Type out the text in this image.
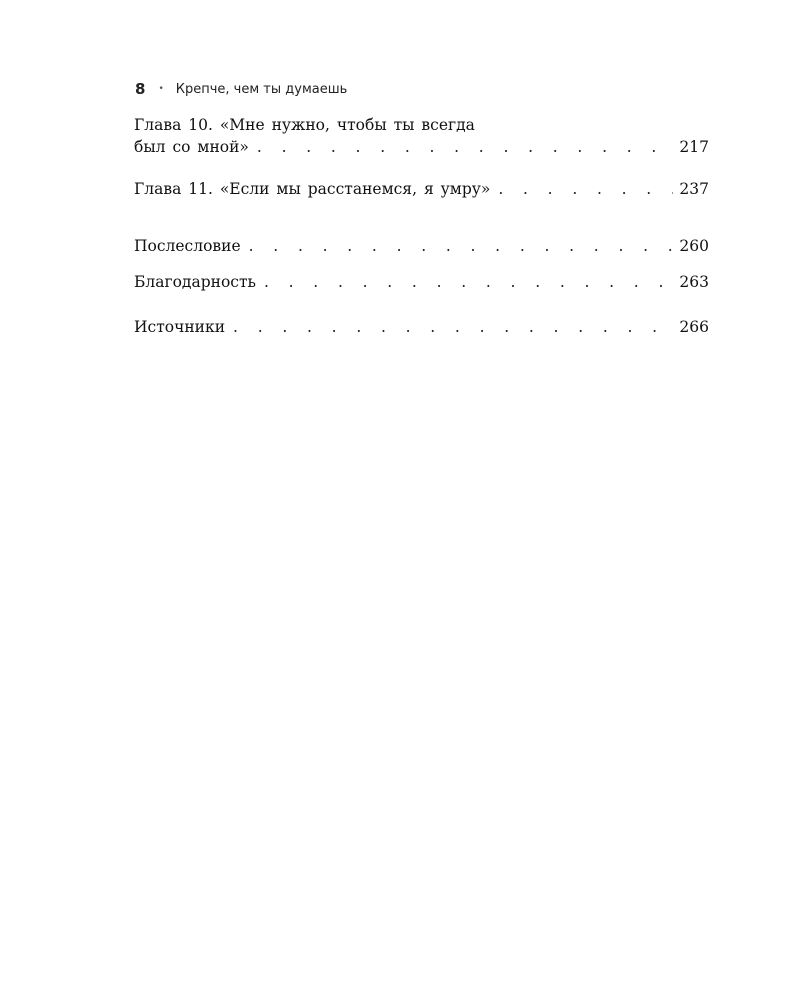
8 • Крепче, чем ты думаешь
Глава 10. «Мне нужно, чтобы ты всегда
был со мной» . . .	217
Глава 11. «Если мы расстанемся, я умру» . . .	237
Послесловие . . .	260
Благодарность . . .	263
Источники . . .	266
